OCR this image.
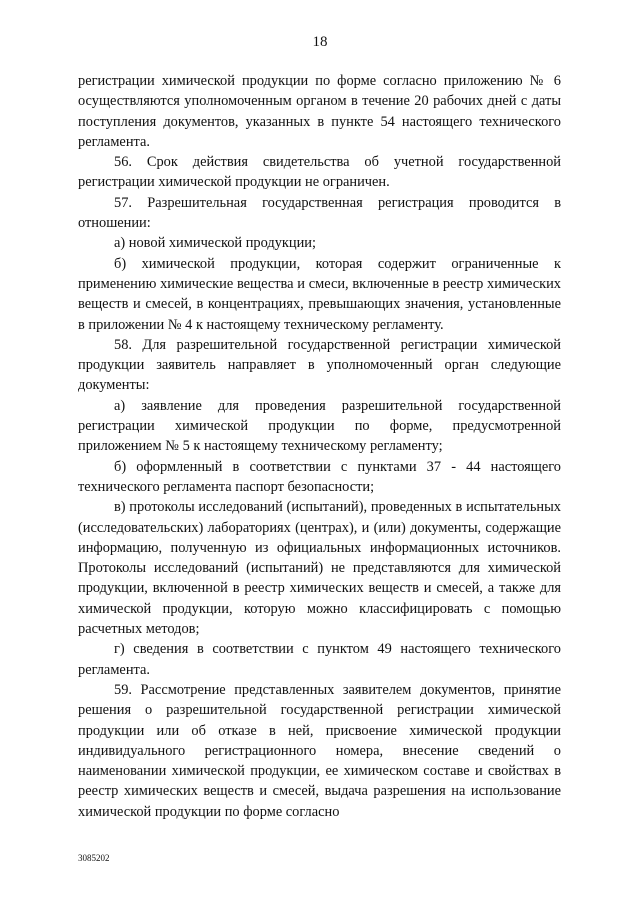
18

регистрации химической продукции по форме согласно приложению № 6 осуществляются уполномоченным органом в течение 20 рабочих дней с даты поступления документов, указанных в пункте 54 настоящего технического регламента.

56. Срок действия свидетельства об учетной государственной регистрации химической продукции не ограничен.

57. Разрешительная государственная регистрация проводится в отношении:

а) новой химической продукции;

б) химической продукции, которая содержит ограниченные к применению химические вещества и смеси, включенные в реестр химических веществ и смесей, в концентрациях, превышающих значения, установленные в приложении № 4 к настоящему техническому регламенту.

58. Для разрешительной государственной регистрации химической продукции заявитель направляет в уполномоченный орган следующие документы:

а) заявление для проведения разрешительной государственной регистрации химической продукции по форме, предусмотренной приложением № 5 к настоящему техническому регламенту;

б) оформленный в соответствии с пунктами 37 - 44 настоящего технического регламента паспорт безопасности;

в) протоколы исследований (испытаний), проведенных в испытательных (исследовательских) лабораториях (центрах), и (или) документы, содержащие информацию, полученную из официальных информационных источников. Протоколы исследований (испытаний) не представляются для химической продукции, включенной в реестр химических веществ и смесей, а также для химической продукции, которую можно классифицировать с помощью расчетных методов;

г) сведения в соответствии с пунктом 49 настоящего технического регламента.

59. Рассмотрение представленных заявителем документов, принятие решения о разрешительной государственной регистрации химической продукции или об отказе в ней, присвоение химической продукции индивидуального регистрационного номера, внесение сведений о наименовании химической продукции, ее химическом составе и свойствах в реестр химических веществ и смесей, выдача разрешения на использование химической продукции по форме согласно

3085202
